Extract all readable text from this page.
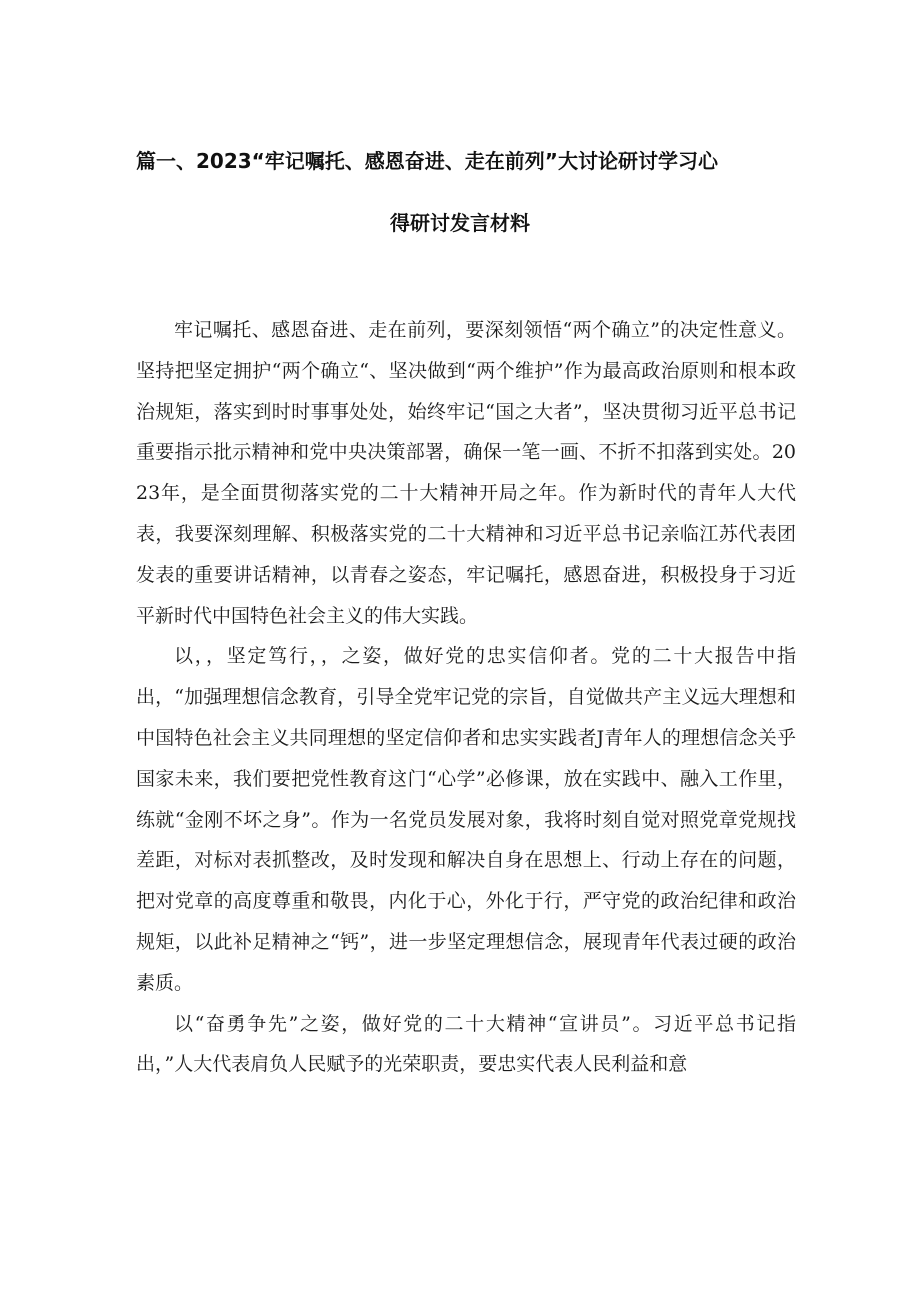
篇一、2023“牢记嘱托、感恩奋进、走在前列”大讨论研讨学习心
得研讨发言材料

牢记嘱托、感恩奋进、走在前列，要深刻领悟“两个确立”的决定性意义。坚持把坚定拥护“两个确立“、坚决做到“两个维护”作为最高政治原则和根本政治规矩，落实到时时事事处处，始终牢记“国之大者”，坚决贯彻习近平总书记重要指示批示精神和党中央决策部署，确保一笔一画、不折不扣落到实处。2023年，是全面贯彻落实党的二十大精神开局之年。作为新时代的青年人大代表，我要深刻理解、积极落实党的二十大精神和习近平总书记亲临江苏代表团发表的重要讲话精神，以青春之姿态，牢记嘱托，感恩奋进，积极投身于习近平新时代中国特色社会主义的伟大实践。

以，，坚定笃行，，之姿，做好党的忠实信仰者。党的二十大报告中指出，“加强理想信念教育，引导全党牢记党的宗旨，自觉做共产主义远大理想和中国特色社会主义共同理想的坚定信仰者和忠实实践者J青年人的理想信念关乎国家未来，我们要把党性教育这门“心学”必修课，放在实践中、融入工作里，练就“金刚不坏之身”。作为一名党员发展对象，我将时刻自觉对照党章党规找差距，对标对表抓整改，及时发现和解决自身在思想上、行动上存在的问题，把对党章的高度尊重和敬畏，内化于心，外化于行，严守党的政治纪律和政治规矩，以此补足精神之“钙”，进一步坚定理想信念，展现青年代表过硬的政治素质。

以“奋勇争先”之姿，做好党的二十大精神“宣讲员”。习近平总书记指出，”人大代表肩负人民赋予的光荣职责，要忠实代表人民利益和意
